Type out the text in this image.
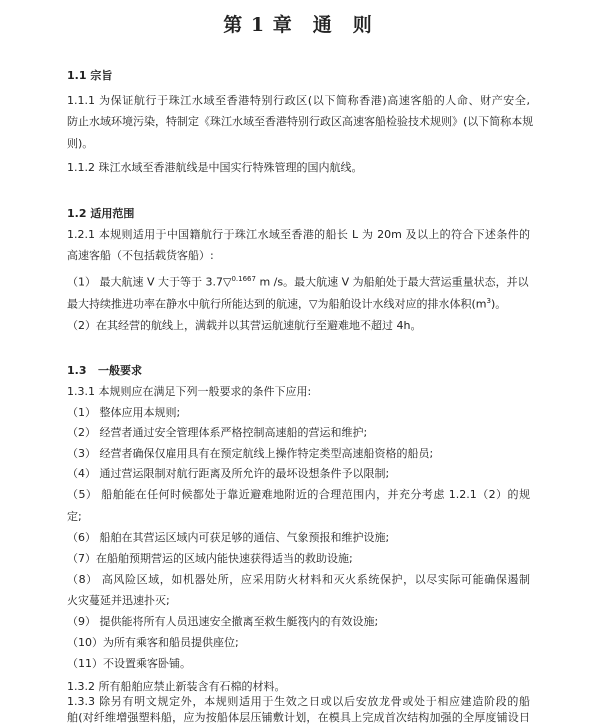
第 1 章 通 则
1.1 宗旨
1.1.1 为保证航行于珠江水域至香港特别行政区(以下简称香港)高速客船的人命、财产安全,
防止水域环境污染，特制定《珠江水域至香港特别行政区高速客船检验技术规则》(以下简称本规
则)。
1.1.2 珠江水域至香港航线是中国实行特殊管理的国内航线。
1.2 适用范围
1.2.1 本规则适用于中国籍航行于珠江水域至香港的船长 L 为 20m 及以上的符合下述条件的
高速客船（不包括载货客船）:
（1） 最大航速 V 大于等于 3.7▽$^{0.1667}$ m /s。最大航速 V 为船舶处于最大营运重量状态，并以
最大持续推进功率在静水中航行所能达到的航速，▽为船舶设计水线对应的排水体积$(m^3)$。
（2）在其经营的航线上，满载并以其营运航速航行至避难地不超过 4h。
1.3 一般要求
1.3.1 本规则应在满足下列一般要求的条件下应用:
（1） 整体应用本规则;
（2） 经营者通过安全管理体系严格控制高速船的营运和维护;
（3） 经营者确保仅雇用具有在预定航线上操作特定类型高速船资格的船员;
（4） 通过营运限制对航行距离及所允许的最坏设想条件予以限制;
（5） 船舶能在任何时候都处于靠近避难地附近的合理范围内，并充分考虑 1.2.1（2）的规
定;
（6） 船舶在其营运区域内可获足够的通信、气象预报和维护设施;
（7）在船舶预期营运的区域内能快速获得适当的救助设施;
（8） 高风险区域，如机器处所，应采用防火材料和灭火系统保护，以尽实际可能确保遏制
火灾蔓延并迅速扑灭;
（9） 提供能将所有人员迅速安全撤离至救生艇筏内的有效设施;
（10）为所有乘客和船员提供座位;
（11）不设置乘客卧铺。
1.3.2 所有船舶应禁止新装含有石棉的材料。
1.3.3 除另有明文规定外，本规则适用于生效之日或以后安放龙骨或处于相应建造阶段的船
舶(对纤维增强塑料船，应为按船体层压铺敷计划，在模具上完成首次结构加强的全厚度铺设日
